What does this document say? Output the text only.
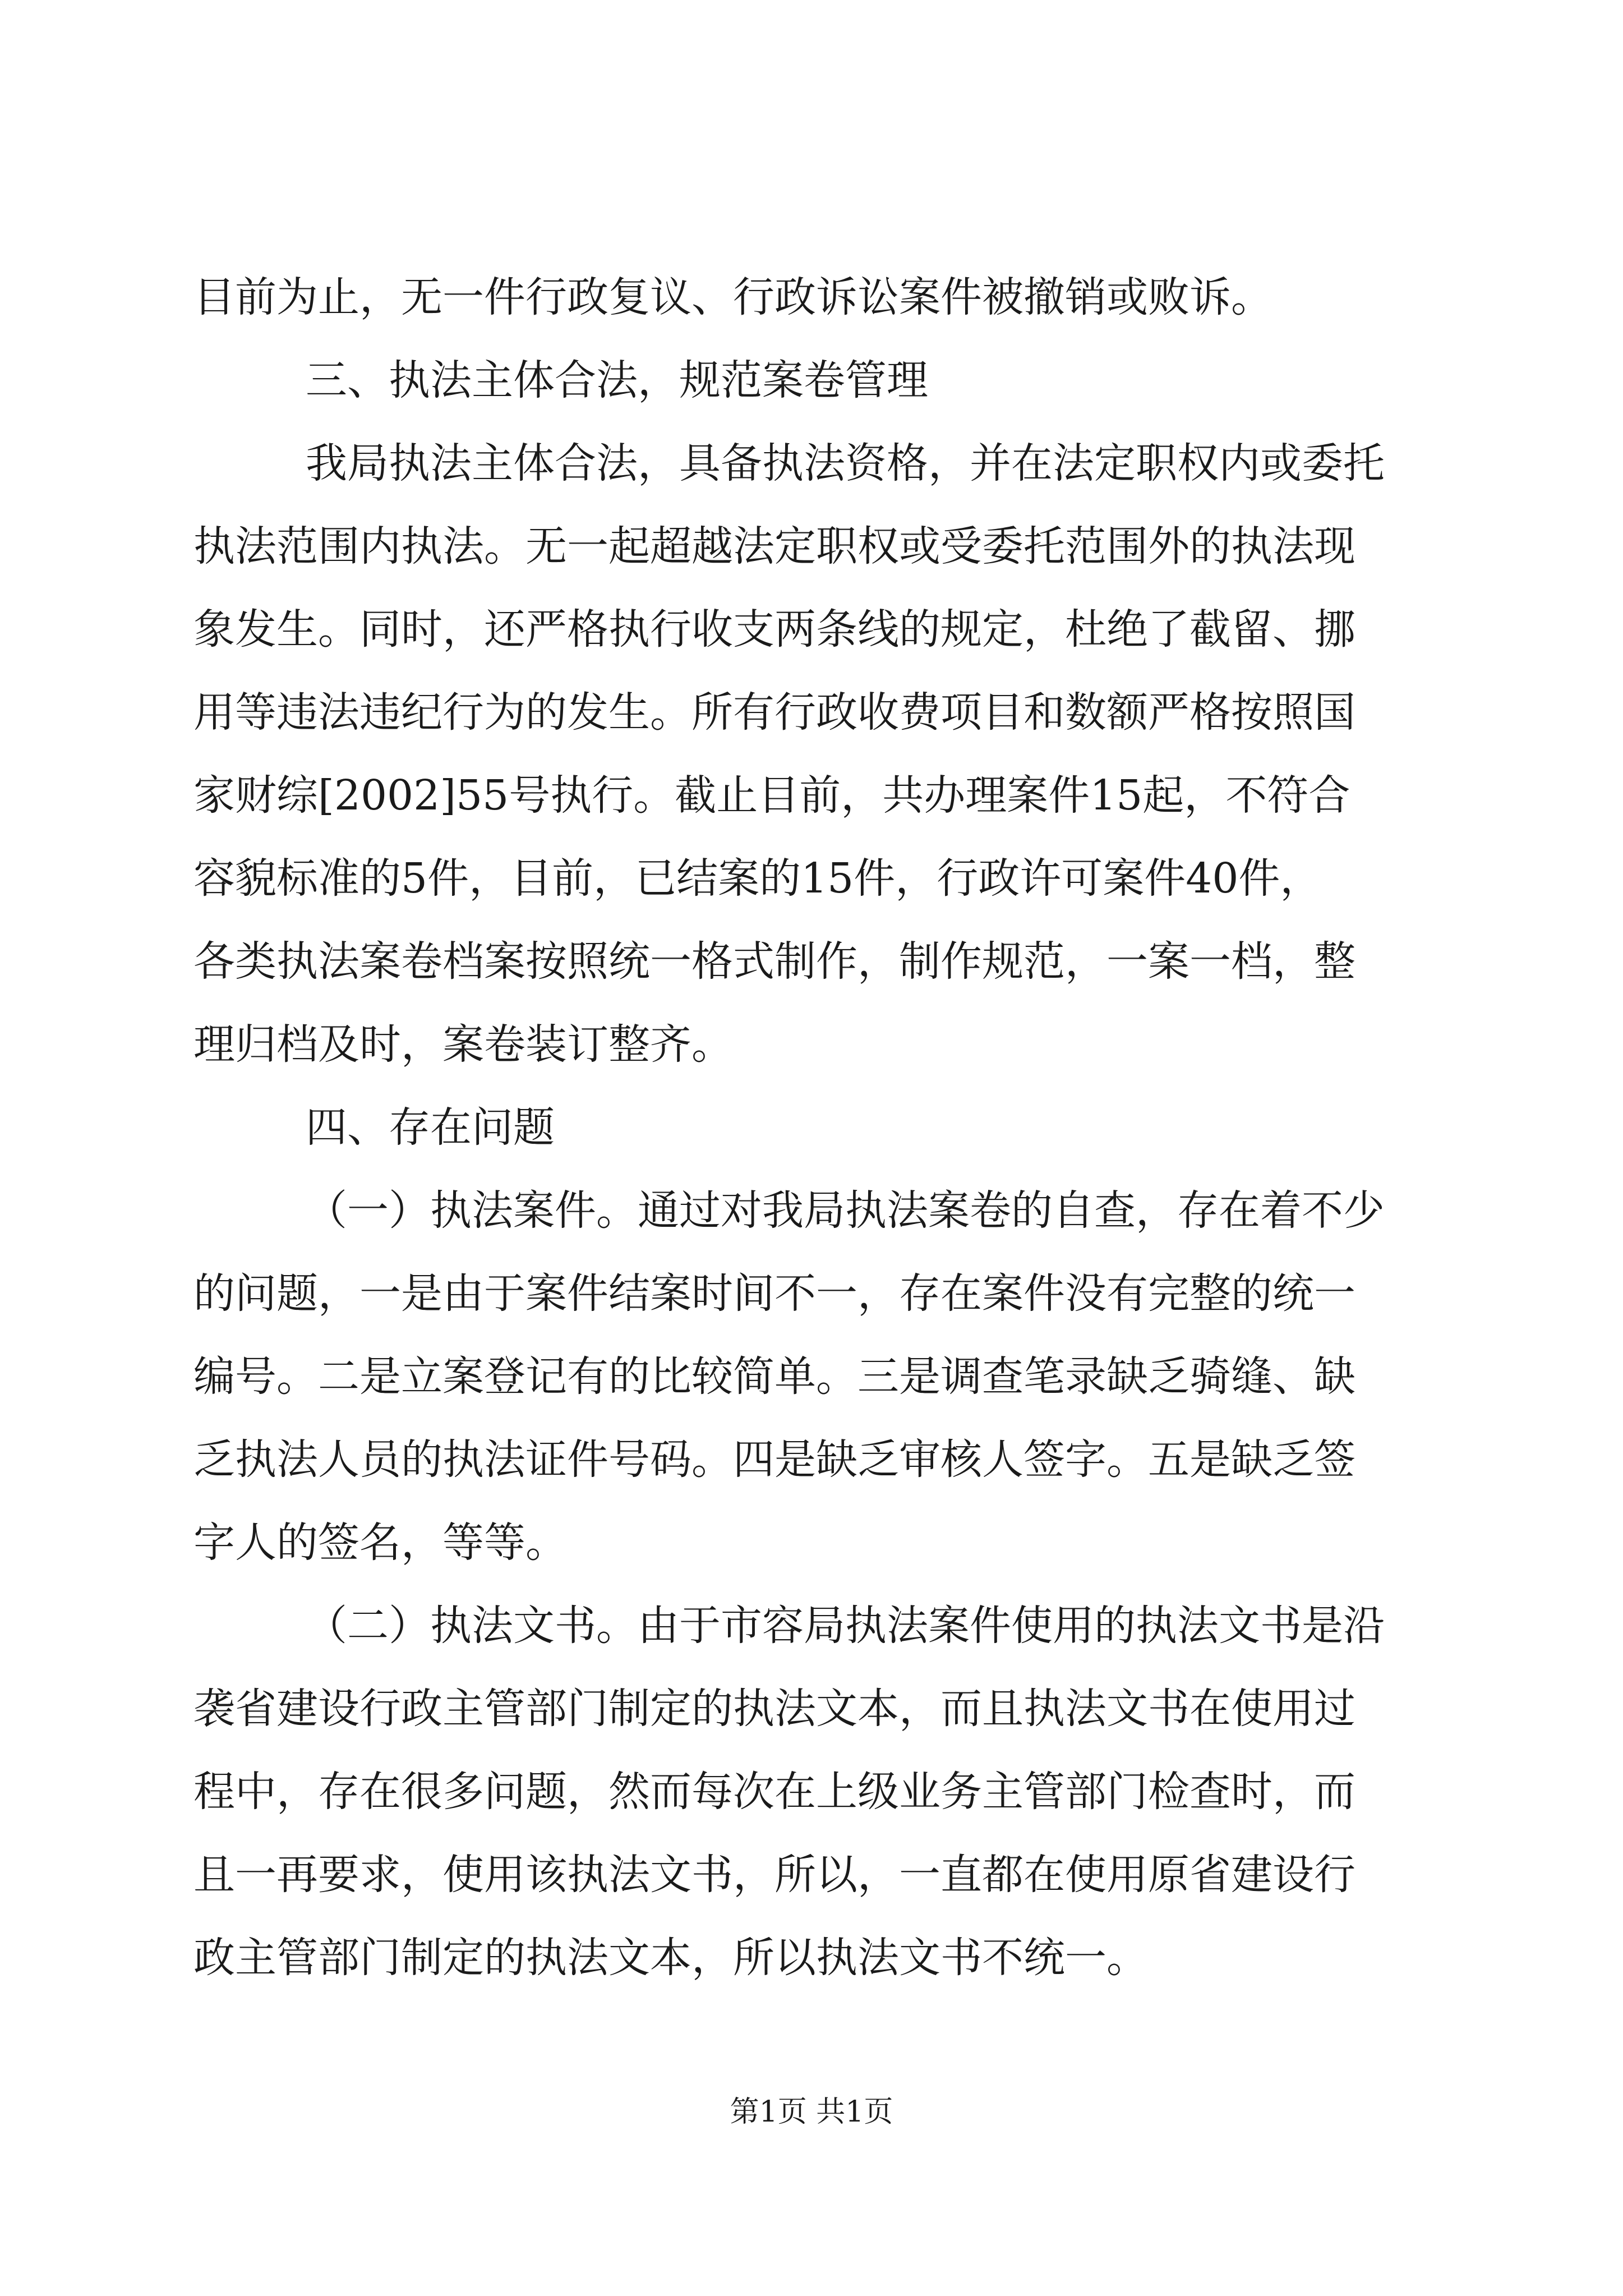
目前为止，无一件行政复议、行政诉讼案件被撤销或败诉。
三、执法主体合法，规范案卷管理
我局执法主体合法，具备执法资格，并在法定职权内或委托
执法范围内执法。无一起超越法定职权或受委托范围外的执法现
象发生。同时，还严格执行收支两条线的规定，杜绝了截留、挪
用等违法违纪行为的发生。所有行政收费项目和数额严格按照国
家财综[2002]55号执行。截止目前，共办理案件15起，不符合
容貌标准的5件，目前，已结案的15件，行政许可案件40件，
各类执法案卷档案按照统一格式制作，制作规范，一案一档，整
理归档及时，案卷装订整齐。
四、存在问题
（一）执法案件。通过对我局执法案卷的自查，存在着不少
的问题，一是由于案件结案时间不一，存在案件没有完整的统一
编号。二是立案登记有的比较简单。三是调查笔录缺乏骑缝、缺
乏执法人员的执法证件号码。四是缺乏审核人签字。五是缺乏签
字人的签名，等等。
（二）执法文书。由于市容局执法案件使用的执法文书是沿
袭省建设行政主管部门制定的执法文本，而且执法文书在使用过
程中，存在很多问题，然而每次在上级业务主管部门检查时，而
且一再要求，使用该执法文书，所以，一直都在使用原省建设行
政主管部门制定的执法文本，所以执法文书不统一。
第1页 共1页
